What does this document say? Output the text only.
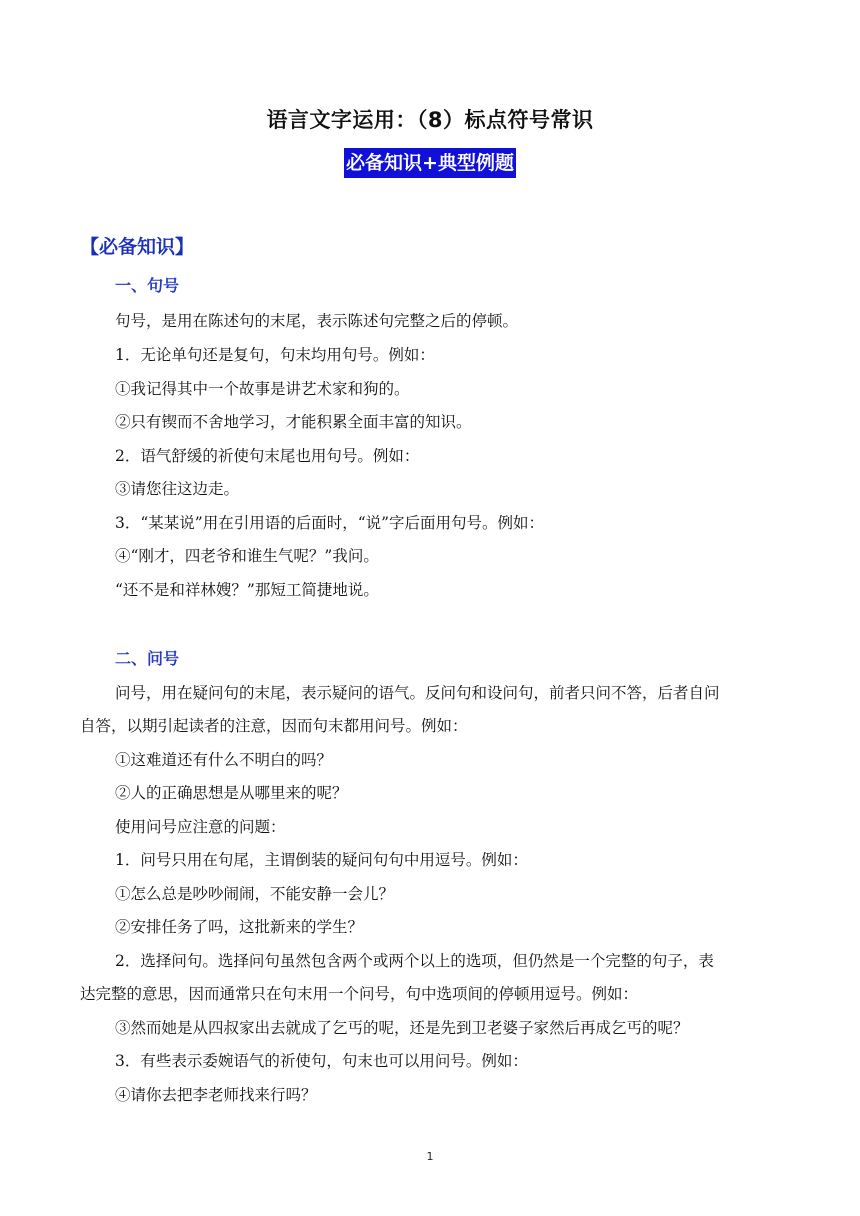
语言文字运用：（8）标点符号常识
必备知识+典型例题
【必备知识】
一、句号
句号，是用在陈述句的末尾，表示陈述句完整之后的停顿。
1．无论单句还是复句，句末均用句号。例如：
①我记得其中一个故事是讲艺术家和狗的。
②只有锲而不舍地学习，才能积累全面丰富的知识。
2．语气舒缓的祈使句末尾也用句号。例如：
③请您往这边走。
3．“某某说”用在引用语的后面时，“说”字后面用句号。例如：
④“刚才，四老爷和谁生气呢？”我问。
“还不是和祥林嫂？”那短工简捷地说。
二、问号
问号，用在疑问句的末尾，表示疑问的语气。反问句和设问句，前者只问不答，后者自问
自答，以期引起读者的注意，因而句末都用问号。例如：
①这难道还有什么不明白的吗？
②人的正确思想是从哪里来的呢？
使用问号应注意的问题：
1．问号只用在句尾，主谓倒装的疑问句句中用逗号。例如：
①怎么总是吵吵闹闹，不能安静一会儿？
②安排任务了吗，这批新来的学生？
2．选择问句。选择问句虽然包含两个或两个以上的选项，但仍然是一个完整的句子，表
达完整的意思，因而通常只在句末用一个问号，句中选项间的停顿用逗号。例如：
③然而她是从四叔家出去就成了乞丐的呢，还是先到卫老婆子家然后再成乞丐的呢？
3．有些表示委婉语气的祈使句，句末也可以用问号。例如：
④请你去把李老师找来行吗？
1
